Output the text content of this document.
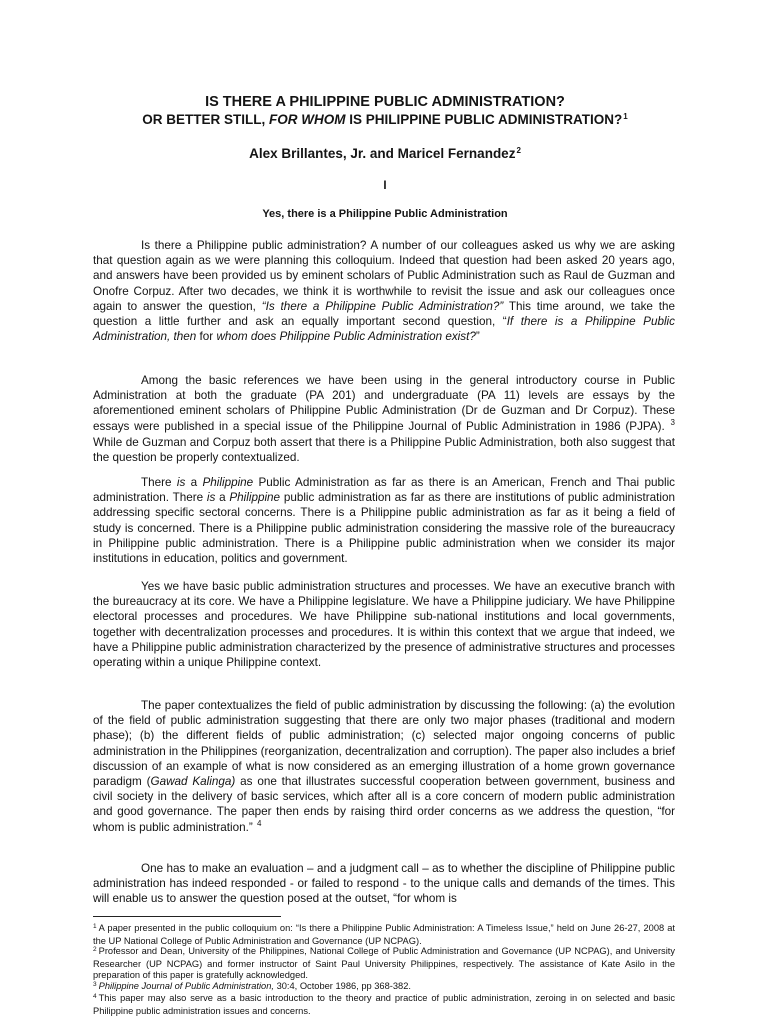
IS THERE A PHILIPPINE PUBLIC ADMINISTRATION?
OR BETTER STILL, FOR WHOM IS PHILIPPINE PUBLIC ADMINISTRATION?$^1$
Alex Brillantes, Jr. and Maricel Fernandez$^2$
I
Yes, there is a Philippine Public Administration

Is there a Philippine public administration? A number of our colleagues asked us why we are asking that question again as we were planning this colloquium. Indeed that question had been asked 20 years ago, and answers have been provided us by eminent scholars of Public Administration such as Raul de Guzman and Onofre Corpuz. After two decades, we think it is worthwhile to revisit the issue and ask our colleagues once again to answer the question, “Is there a Philippine Public Administration?” This time around, we take the question a little further and ask an equally important second question, “If there is a Philippine Public Administration, then for whom does Philippine Public Administration exist?”

Among the basic references we have been using in the general introductory course in Public Administration at both the graduate (PA 201) and undergraduate (PA 11) levels are essays by the aforementioned eminent scholars of Philippine Public Administration (Dr de Guzman and Dr Corpuz). These essays were published in a special issue of the Philippine Journal of Public Administration in 1986 (PJPA). $^3$ While de Guzman and Corpuz both assert that there is a Philippine Public Administration, both also suggest that the question be properly contextualized.

There is a Philippine Public Administration as far as there is an American, French and Thai public administration. There is a Philippine public administration as far as there are institutions of public administration addressing specific sectoral concerns. There is a Philippine public administration as far as it being a field of study is concerned. There is a Philippine public administration considering the massive role of the bureaucracy in Philippine public administration. There is a Philippine public administration when we consider its major institutions in education, politics and government.

Yes we have basic public administration structures and processes. We have an executive branch with the bureaucracy at its core. We have a Philippine legislature. We have a Philippine judiciary. We have Philippine electoral processes and procedures. We have Philippine sub-national institutions and local governments, together with decentralization processes and procedures. It is within this context that we argue that indeed, we have a Philippine public administration characterized by the presence of administrative structures and processes operating within a unique Philippine context.

The paper contextualizes the field of public administration by discussing the following: (a) the evolution of the field of public administration suggesting that there are only two major phases (traditional and modern phase); (b) the different fields of public administration; (c) selected major ongoing concerns of public administration in the Philippines (reorganization, decentralization and corruption). The paper also includes a brief discussion of an example of what is now considered as an emerging illustration of a home grown governance paradigm (Gawad Kalinga) as one that illustrates successful cooperation between government, business and civil society in the delivery of basic services, which after all is a core concern of modern public administration and good governance. The paper then ends by raising third order concerns as we address the question, “for whom is public administration.” $^4$

One has to make an evaluation – and a judgment call – as to whether the discipline of Philippine public administration has indeed responded - or failed to respond - to the unique calls and demands of the times. This will enable us to answer the question posed at the outset, “for whom is

$^1$ A paper presented in the public colloquium on: “Is there a Philippine Public Administration: A Timeless Issue,” held on June 26-27, 2008 at the UP National College of Public Administration and Governance (UP NCPAG).

$^2$ Professor and Dean, University of the Philippines, National College of Public Administration and Governance (UP NCPAG), and University Researcher (UP NCPAG) and former instructor of Saint Paul University Philippines, respectively. The assistance of Kate Asilo in the preparation of this paper is gratefully acknowledged.

$^3$ Philippine Journal of Public Administration, 30:4, October 1986, pp 368-382.

$^4$ This paper may also serve as a basic introduction to the theory and practice of public administration, zeroing in on selected and basic Philippine public administration issues and concerns.
